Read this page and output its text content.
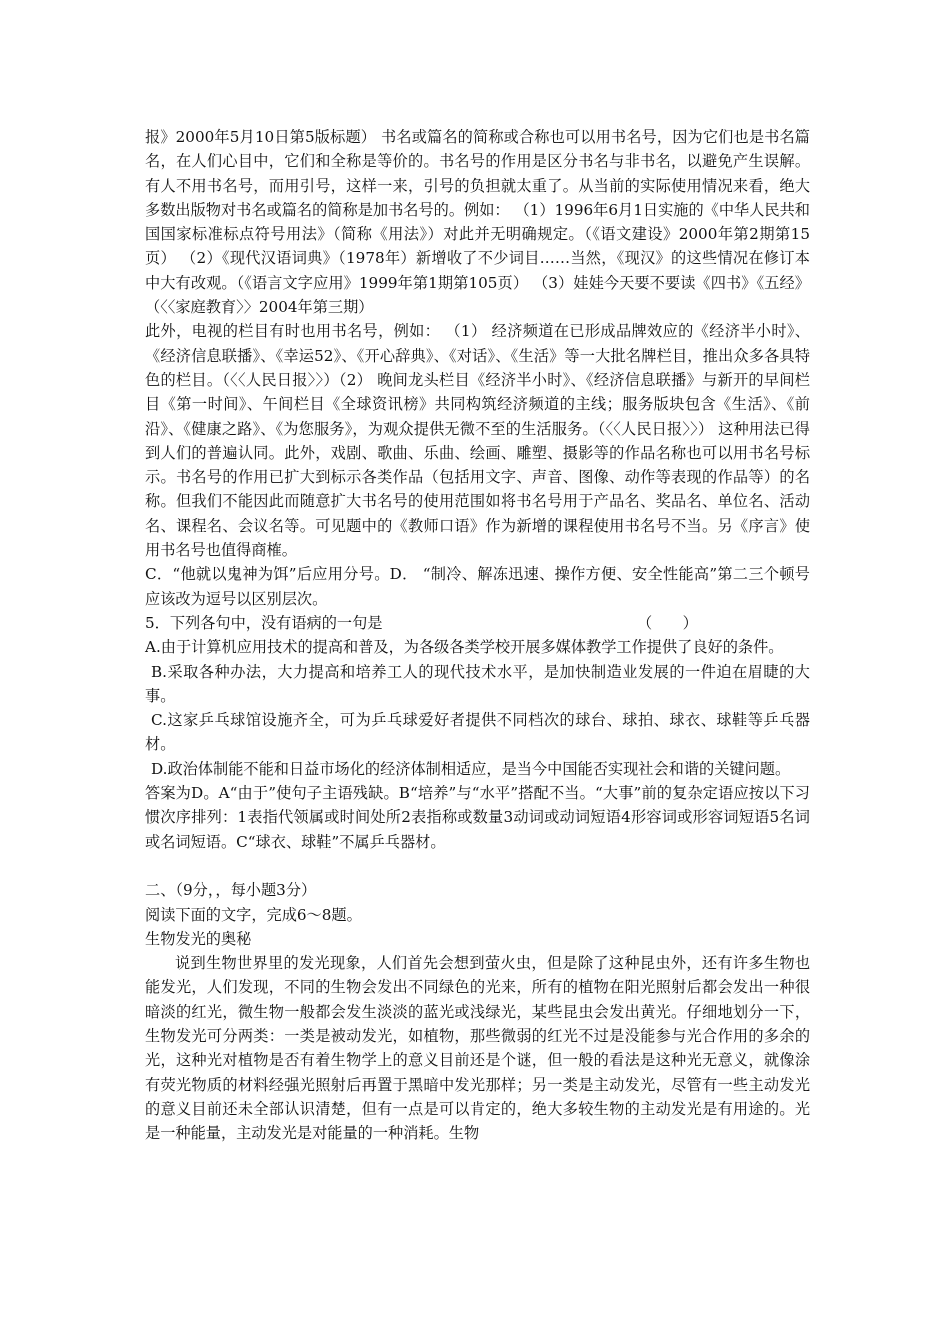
报》2000年5月10日第5版标题） 书名或篇名的简称或合称也可以用书名号，因为它们也是书名篇名，在人们心目中，它们和全称是等价的。书名号的作用是区分书名与非书名，以避免产生误解。有人不用书名号，而用引号，这样一来，引号的负担就太重了。从当前的实际使用情况来看，绝大多数出版物对书名或篇名的简称是加书名号的。例如： （1）1996年6月1日实施的《中华人民共和国国家标准标点符号用法》（简称《用法》）对此并无明确规定。（《语文建设》2000年第2期第15页） （2）《现代汉语词典》（1978年）新增收了不少词目……当然，《现汉》的这些情况在修订本中大有改观。（《语言文字应用》1999年第1期第105页） （3）娃娃今天要不要读《四书》《五经》 （〈〈家庭教育〉〉2004年第三期）

此外，电视的栏目有时也用书名号，例如： （1） 经济频道在已形成品牌效应的《经济半小时》、《经济信息联播》、《幸运52》、《开心辞典》、《对话》、《生活》等一大批名牌栏目，推出众多各具特色的栏目。（〈〈人民日报〉〉）（2） 晚间龙头栏目《经济半小时》、《经济信息联播》与新开的早间栏目《第一时间》、午间栏目《全球资讯榜》共同构筑经济频道的主线；服务版块包含《生活》、《前沿》、《健康之路》、《为您服务》，为观众提供无微不至的生活服务。（〈〈人民日报〉〉） 这种用法已得到人们的普遍认同。此外，戏剧、歌曲、乐曲、绘画、雕塑、摄影等的作品名称也可以用书名号标示。书名号的作用已扩大到标示各类作品（包括用文字、声音、图像、动作等表现的作品等）的名称。但我们不能因此而随意扩大书名号的使用范围如将书名号用于产品名、奖品名、单位名、活动名、课程名、会议名等。可见题中的《教师口语》作为新增的课程使用书名号不当。另《序言》使用书名号也值得商榷。

C．“他就以鬼神为饵”后应用分号。D． “制冷、解冻迅速、操作方便、安全性能高”第二三个顿号应该改为逗号以区别层次。

5．下列各句中，没有语病的一句是	（　　）

A.由于计算机应用技术的提高和普及，为各级各类学校开展多媒体教学工作提供了良好的条件。

B.采取各种办法，大力提高和培养工人的现代技术水平，是加快制造业发展的一件迫在眉睫的大事。

C.这家乒乓球馆设施齐全，可为乒乓球爱好者提供不同档次的球台、球拍、球衣、球鞋等乒乓器材。

D.政治体制能不能和日益市场化的经济体制相适应，是当今中国能否实现社会和谐的关键问题。

答案为D。A“由于”使句子主语残缺。B“培养”与“水平”搭配不当。“大事”前的复杂定语应按以下习惯次序排列：1表指代领属或时间处所2表指称或数量3动词或动词短语4形容词或形容词短语5名词或名词短语。C“球衣、球鞋”不属乒乓器材。

二、（9分，，每小题3分）

阅读下面的文字，完成6～8题。

生物发光的奥秘

说到生物世界里的发光现象，人们首先会想到萤火虫，但是除了这种昆虫外，还有许多生物也能发光，人们发现，不同的生物会发出不同绿色的光来，所有的植物在阳光照射后都会发出一种很暗淡的红光，微生物一般都会发生淡淡的蓝光或浅绿光，某些昆虫会发出黄光。仔细地划分一下，生物发光可分两类：一类是被动发光，如植物，那些微弱的红光不过是没能参与光合作用的多余的光，这种光对植物是否有着生物学上的意义目前还是个谜，但一般的看法是这种光无意义，就像涂有荧光物质的材料经强光照射后再置于黑暗中发光那样；另一类是主动发光，尽管有一些主动发光的意义目前还未全部认识清楚，但有一点是可以肯定的，绝大多较生物的主动发光是有用途的。光是一种能量，主动发光是对能量的一种消耗。生物
